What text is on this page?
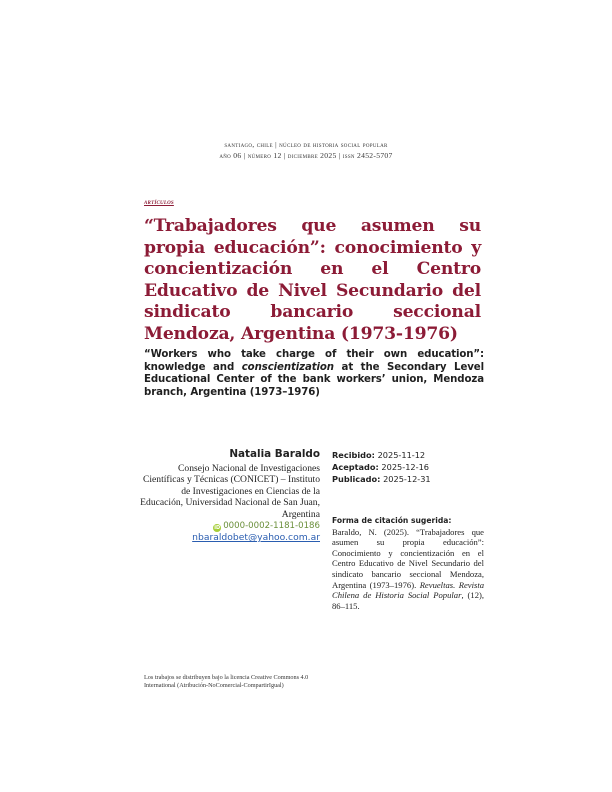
santiago, chile | núcleo de historia social popular
año 06 | número 12 | diciembre 2025 | issn 2452-5707
artículos
“Trabajadores que asumen su propia educación”: conocimiento y concientización en el Centro Educativo de Nivel Secundario del sindicato bancario seccional Mendoza, Argentina (1973-1976)
“Workers who take charge of their own education”: knowledge and conscientization at the Secondary Level Educational Center of the bank workers’ union, Mendoza branch, Argentina (1973–1976)
Natalia Baraldo
Consejo Nacional de Investigaciones Científicas y Técnicas (CONICET) – Instituto de Investigaciones en Ciencias de la Educación, Universidad Nacional de San Juan, Argentina
iD 0000-0002-1181-0186
nbaraldobet@yahoo.com.ar
Recibido: 2025-11-12
Aceptado: 2025-12-16
Publicado: 2025-12-31
Forma de citación sugerida:
Baraldo, N. (2025). “Trabajadores que asumen su propia educación”: Conocimiento y concientización en el Centro Educativo de Nivel Secundario del sindicato bancario seccional Mendoza, Argentina (1973–1976). Revueltas. Revista Chilena de Historia Social Popular, (12), 86–115.
Los trabajos se distribuyen bajo la licencia Creative Commons 4.0 International (Atribución-NoComercial-CompartirIgual)
